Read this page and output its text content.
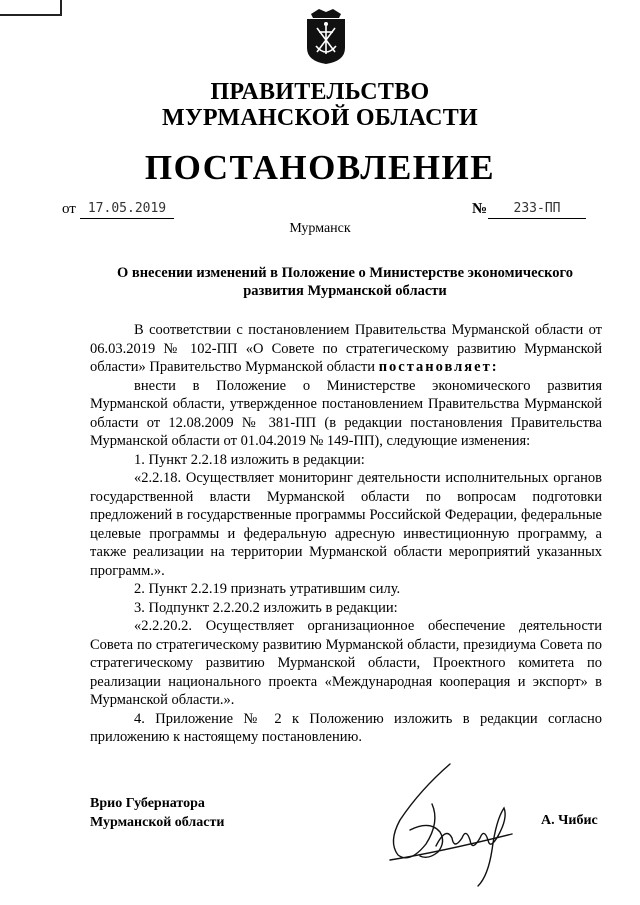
ПРАВИТЕЛЬСТВО
МУРМАНСКОЙ ОБЛАСТИ
ПОСТАНОВЛЕНИЕ
от 17.05.2019	№	233-ПП
Мурманск
О внесении изменений в Положение о Министерстве экономического развития Мурманской области

В соответствии с постановлением Правительства Мурманской области от 06.03.2019 № 102-ПП «О Совете по стратегическому развитию Мурманской области» Правительство Мурманской области постановляет:

внести в Положение о Министерстве экономического развития Мурманской области, утвержденное постановлением Правительства Мурманской области от 12.08.2009 № 381-ПП (в редакции постановления Правительства Мурманской области от 01.04.2019 № 149-ПП), следующие изменения:

1. Пункт 2.2.18 изложить в редакции:

«2.2.18. Осуществляет мониторинг деятельности исполнительных органов государственной власти Мурманской области по вопросам подготовки предложений в государственные программы Российской Федерации, федеральные целевые программы и федеральную адресную инвестиционную программу, а также реализации на территории Мурманской области мероприятий указанных программ.».

2. Пункт 2.2.19 признать утратившим силу.

3. Подпункт 2.2.20.2 изложить в редакции:

«2.2.20.2. Осуществляет организационное обеспечение деятельности Совета по стратегическому развитию Мурманской области, президиума Совета по стратегическому развитию Мурманской области, Проектного комитета по реализации национального проекта «Международная кооперация и экспорт» в Мурманской области.».

4. Приложение № 2 к Положению изложить в редакции согласно приложению к настоящему постановлению.

Врио Губернатора
Мурманской области	А. Чибис
